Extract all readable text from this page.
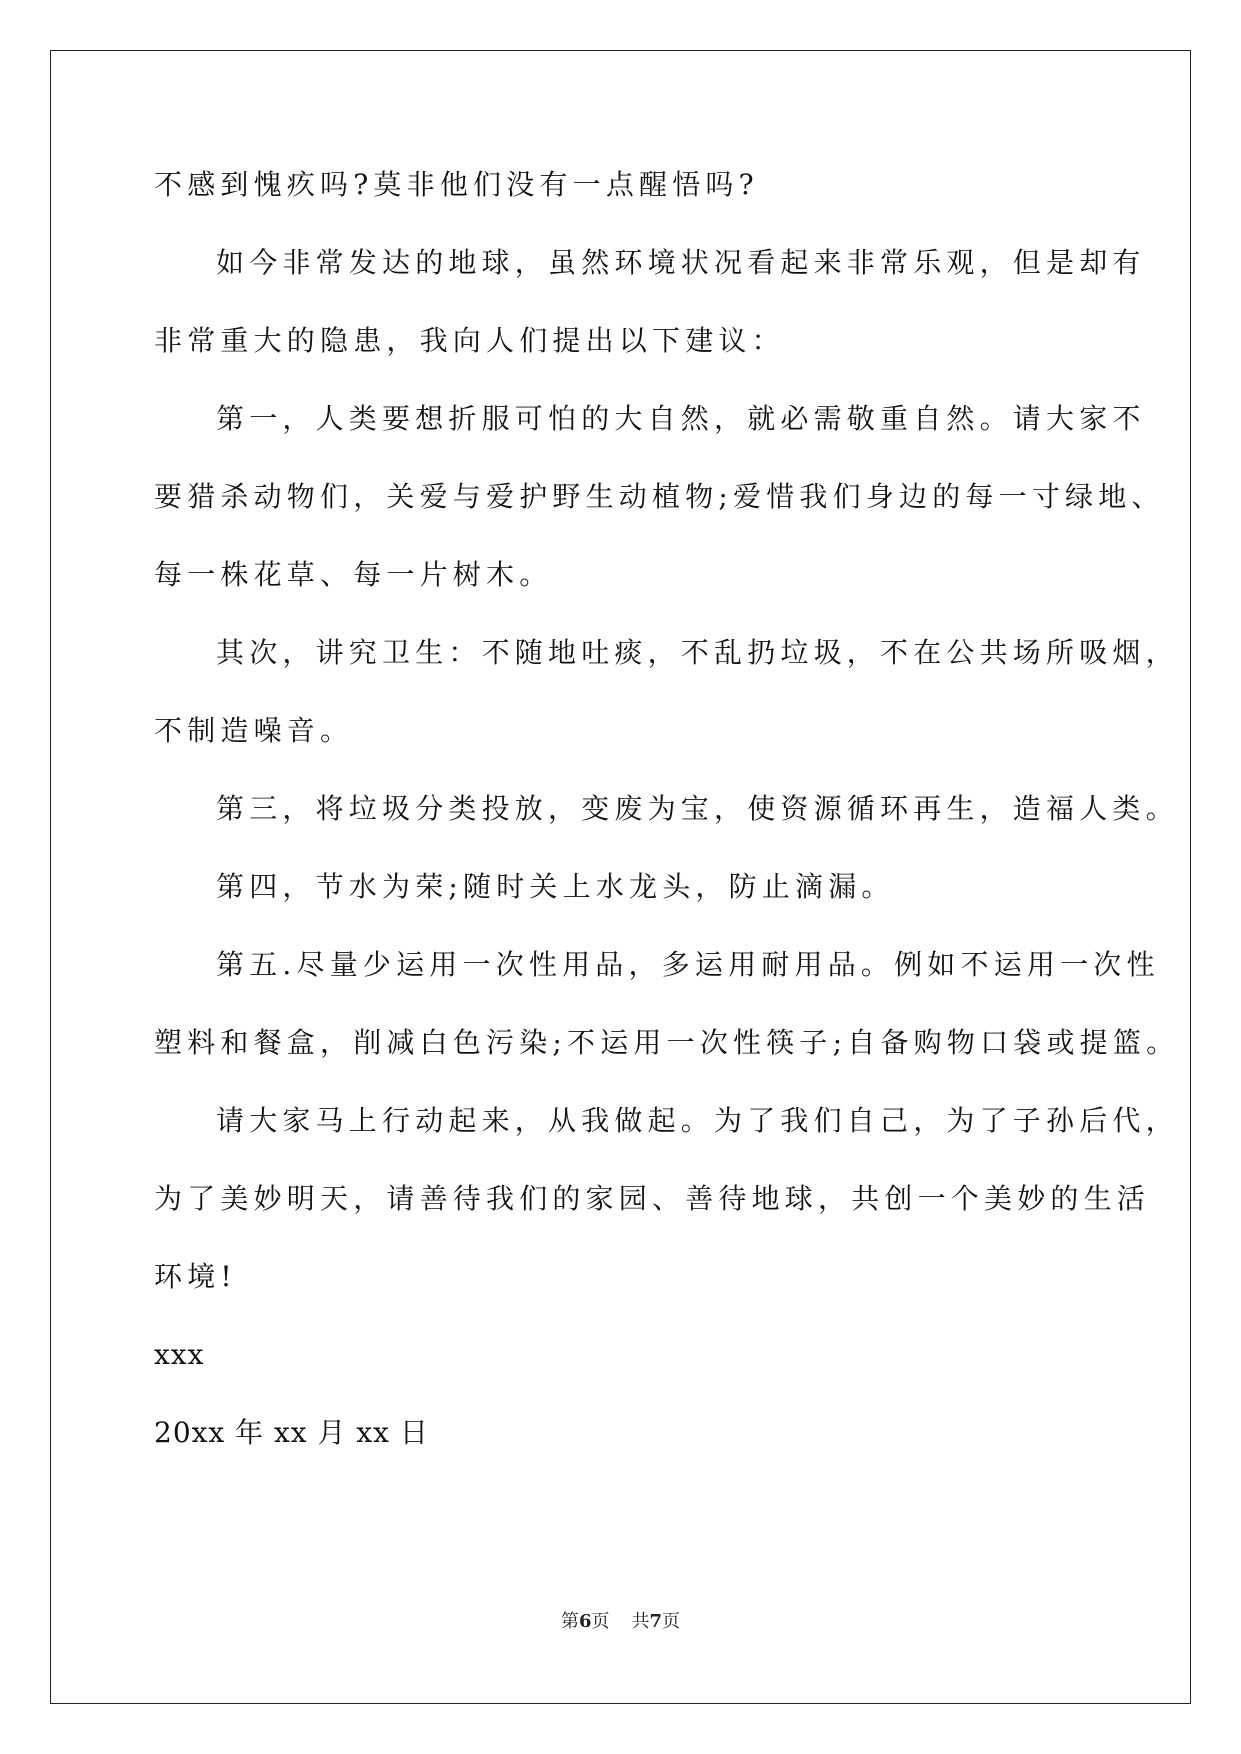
不感到愧疚吗?莫非他们没有一点醒悟吗?
如今非常发达的地球，虽然环境状况看起来非常乐观，但是却有
非常重大的隐患，我向人们提出以下建议：
第一，人类要想折服可怕的大自然，就必需敬重自然。请大家不
要猎杀动物们，关爱与爱护野生动植物;爱惜我们身边的每一寸绿地、
每一株花草、每一片树木。
其次，讲究卫生：不随地吐痰，不乱扔垃圾，不在公共场所吸烟，
不制造噪音。
第三，将垃圾分类投放，变废为宝，使资源循环再生，造福人类。
第四，节水为荣;随时关上水龙头，防止滴漏。
第五.尽量少运用一次性用品，多运用耐用品。例如不运用一次性
塑料和餐盒，削减白色污染;不运用一次性筷子;自备购物口袋或提篮。
请大家马上行动起来，从我做起。为了我们自己，为了子孙后代，
为了美妙明天，请善待我们的家园、善待地球，共创一个美妙的生活
环境!
xxx
20xx 年 xx 月 xx 日
第6页 共7页
